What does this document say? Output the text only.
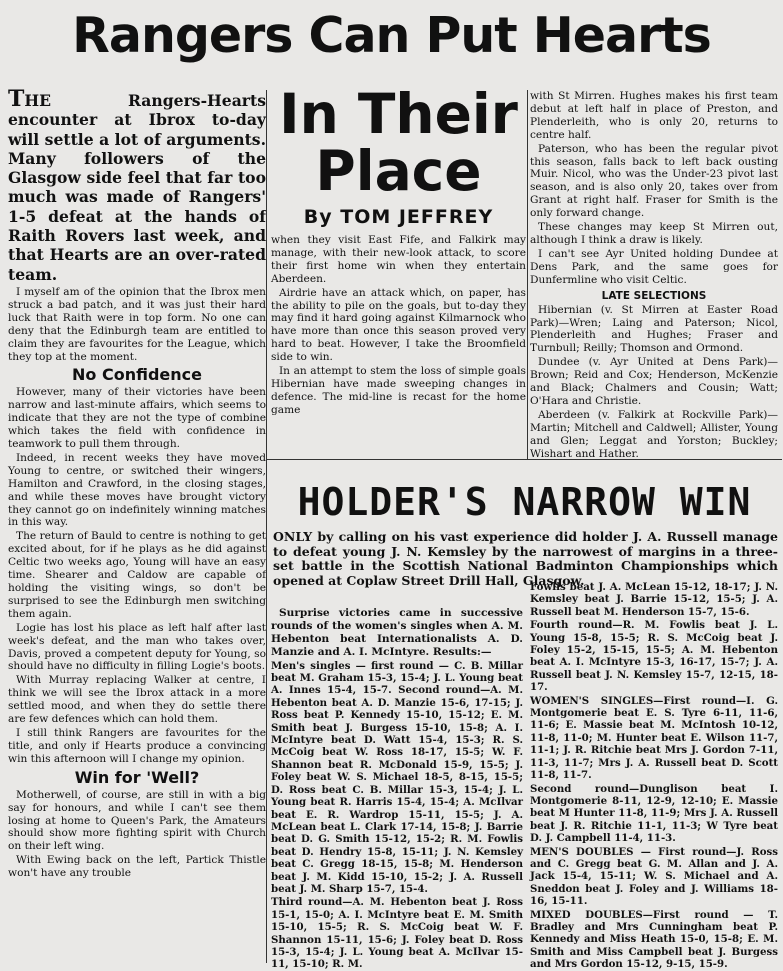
Rangers Can Put Hearts

THE Rangers-Hearts encounter at Ibrox to-day will settle a lot of arguments. Many followers of the Glasgow side feel that far too much was made of Rangers' 1-5 defeat at the hands of Raith Rovers last week, and that Hearts are an over-rated team.

I myself am of the opinion that the Ibrox men struck a bad patch, and it was just their hard luck that Raith were in top form. No one can deny that the Edinburgh team are entitled to claim they are favourites for the League, which they top at the moment.

No Confidence

However, many of their victories have been narrow and last-minute affairs, which seems to indicate that they are not the type of combine which takes the field with confidence in teamwork to pull them through.

Indeed, in recent weeks they have moved Young to centre, or switched their wingers, Hamilton and Crawford, in the closing stages, and while these moves have brought victory they cannot go on indefinitely winning matches in this way.

The return of Bauld to centre is nothing to get excited about, for if he plays as he did against Celtic two weeks ago, Young will have an easy time. Shearer and Caldow are capable of holding the visiting wings, so don't be surprised to see the Edinburgh men switching them again.

Logie has lost his place as left half after last week's defeat, and the man who takes over, Davis, proved a competent deputy for Young, so should have no difficulty in filling Logie's boots.

With Murray replacing Walker at centre, I think we will see the Ibrox attack in a more settled mood, and when they do settle there are few defences which can hold them.

I still think Rangers are favourites for the title, and only if Hearts produce a convincing win this afternoon will I change my opinion.

Win for 'Well?

Motherwell, of course, are still in with a big say for honours, and while I can't see them losing at home to Queen's Park, the Amateurs should show more fighting spirit with Church on their left wing.

With Ewing back on the left, Partick Thistle won't have any trouble

In Their
Place
By TOM JEFFREY

when they visit East Fife, and Falkirk may manage, with their new-look attack, to score their first home win when they entertain Aberdeen.

Airdrie have an attack which, on paper, has the ability to pile on the goals, but to-day they may find it hard going against Kilmarnock who have more than once this season proved very hard to beat. However, I take the Broomfield side to win.

In an attempt to stem the loss of simple goals Hibernian have made sweeping changes in defence. The mid-line is recast for the home game

with St Mirren. Hughes makes his first team debut at left half in place of Preston, and Plenderleith, who is only 20, returns to centre half.

Paterson, who has been the regular pivot this season, falls back to left back ousting Muir. Nicol, who was the Under-23 pivot last season, and is also only 20, takes over from Grant at right half. Fraser for Smith is the only forward change.

These changes may keep St Mirren out, although I think a draw is likely.

I can't see Ayr United holding Dundee at Dens Park, and the same goes for Dunfermline who visit Celtic.

LATE SELECTIONS

Hibernian (v. St Mirren at Easter Road Park)—Wren; Laing and Paterson; Nicol, Plenderleith and Hughes; Fraser and Turnbull; Reilly; Thomson and Ormond.

Dundee (v. Ayr United at Dens Park)—Brown; Reid and Cox; Henderson, McKenzie and Black; Chalmers and Cousin; Watt; O'Hara and Christie.

Aberdeen (v. Falkirk at Rockville Park)—Martin; Mitchell and Caldwell; Allister, Young and Glen; Leggat and Yorston; Buckley; Wishart and Hather.

HOLDER'S NARROW WIN

ONLY by calling on his vast experience did holder J. A. Russell manage to defeat young J. N. Kemsley by the narrowest of margins in a three-set battle in the Scottish National Badminton Championships which opened at Coplaw Street Drill Hall, Glasgow.

Surprise victories came in successive rounds of the women's singles when A. M. Hebenton beat Internationalists A. D. Manzie and A. I. McIntyre. Results:—

Men's singles — first round — C. B. Millar beat M. Graham 15-3, 15-4; J. L. Young beat A. Innes 15-4, 15-7. Second round—A. M. Hebenton beat A. D. Manzie 15-6, 17-15; J. Ross beat P. Kennedy 15-10, 15-12; E. M. Smith beat J. Burgess 15-10, 15-8; A. I. McIntyre beat D. Watt 15-4, 15-3; R. S. McCoig beat W. Ross 18-17, 15-5; W. F. Shannon beat R. McDonald 15-9, 15-5; J. Foley beat W. S. Michael 18-5, 8-15, 15-5; D. Ross beat C. B. Millar 15-3, 15-4; J. L. Young beat R. Harris 15-4, 15-4; A. McIlvar beat E. R. Wardrop 15-11, 15-5; J. A. McLean beat L. Clark 17-14, 15-8; J. Barrie beat D. G. Smith 15-12, 15-2; R. M. Fowlis beat D. Hendry 15-8, 15-11; J. N. Kemsley beat C. Gregg 18-15, 15-8; M. Henderson beat J. M. Kidd 15-10, 15-2; J. A. Russell beat J. M. Sharp 15-7, 15-4.

Third round—A. M. Hebenton beat J. Ross 15-1, 15-0; A. I. McIntyre beat E. M. Smith 15-10, 15-5; R. S. McCoig beat W. F. Shannon 15-11, 15-6; J. Foley beat D. Ross 15-3, 15-4; J. L. Young beat A. McIlvar 15-11, 15-10; R. M.

Fowlis beat J. A. McLean 15-12, 18-17; J. N. Kemsley beat J. Barrie 15-12, 15-5; J. A. Russell beat M. Henderson 15-7, 15-6.

Fourth round—R. M. Fowlis beat J. L. Young 15-8, 15-5; R. S. McCoig beat J. Foley 15-2, 15-15, 15-5; A. M. Hebenton beat A. I. McIntyre 15-3, 16-17, 15-7; J. A. Russell beat J. N. Kemsley 15-7, 12-15, 18-17.

WOMEN'S SINGLES—First round—I. G. Montgomerie beat E. S. Tyre 6-11, 11-6, 11-6; E. Massie beat M. McIntosh 10-12, 11-8, 11-0; M. Hunter beat E. Wilson 11-7, 11-1; J. R. Ritchie beat Mrs J. Gordon 7-11, 11-3, 11-7; Mrs J. A. Russell beat D. Scott 11-8, 11-7.

Second round—Dunglison beat I. Montgomerie 8-11, 12-9, 12-10; E. Massie beat M Hunter 11-8, 11-9; Mrs J. A. Russell beat J. R. Ritchie 11-1, 11-3; W Tyre beat D. J. Campbell 11-4, 11-3.

MEN'S DOUBLES — First round—J. Ross and C. Gregg beat G. M. Allan and J. A. Jack 15-4, 15-11; W. S. Michael and A. Sneddon beat J. Foley and J. Williams 18-16, 15-11.

MIXED DOUBLES—First round — T. Bradley and Mrs Cunningham beat P. Kennedy and Miss Heath 15-0, 15-8; E. M. Smith and Miss Campbell beat J. Burgess and Mrs Gordon 15-12, 9-15, 15-9.
